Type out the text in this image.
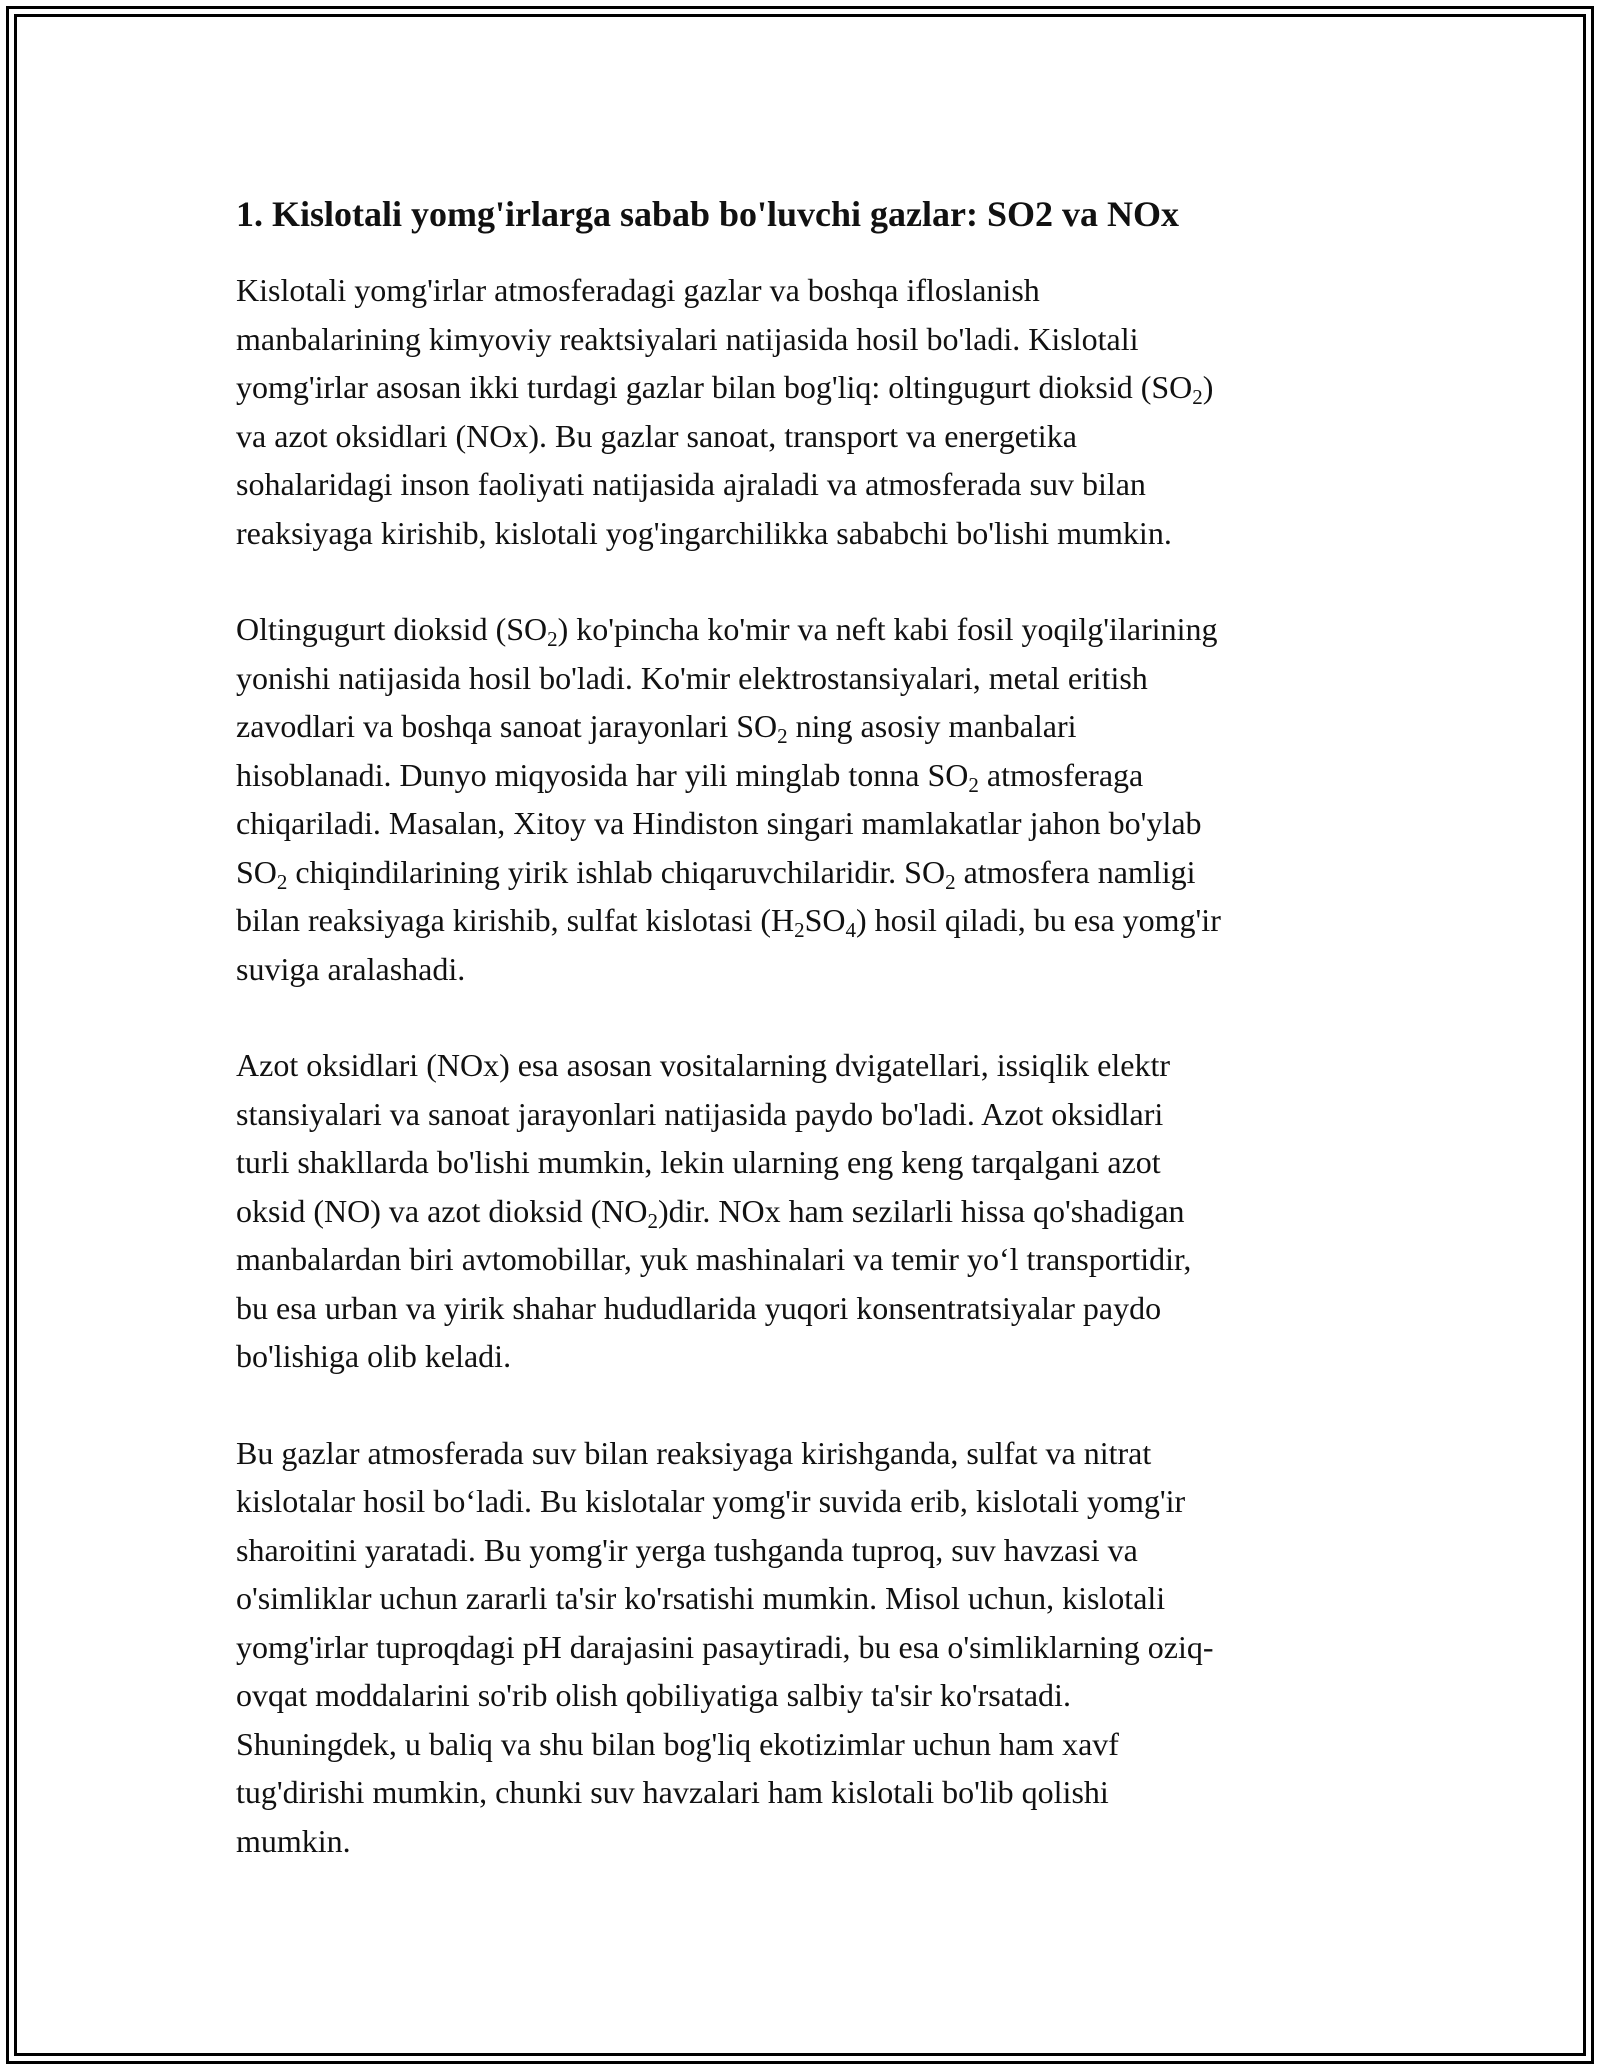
1. Kislotali yomg'irlarga sabab bo'luvchi gazlar: SO2 va NOx

Kislotali yomg'irlar atmosferadagi gazlar va boshqa ifloslanish
manbalarining kimyoviy reaktsiyalari natijasida hosil bo'ladi. Kislotali
yomg'irlar asosan ikki turdagi gazlar bilan bog'liq: oltingugurt dioksid $(SO_2)$
va azot oksidlari (NOx). Bu gazlar sanoat, transport va energetika
sohalaridagi inson faoliyati natijasida ajraladi va atmosferada suv bilan
reaksiyaga kirishib, kislotali yog'ingarchilikka sababchi bo'lishi mumkin.

Oltingugurt dioksid $(SO_2)$ ko'pincha ko'mir va neft kabi fosil yoqilg'ilarining
yonishi natijasida hosil bo'ladi. Ko'mir elektrostansiyalari, metal eritish
zavodlari va boshqa sanoat jarayonlari $SO_2$ ning asosiy manbalari
hisoblanadi. Dunyo miqyosida har yili minglab tonna $SO_2$ atmosferaga
chiqariladi. Masalan, Xitoy va Hindiston singari mamlakatlar jahon bo'ylab
$SO_2$ chiqindilarining yirik ishlab chiqaruvchilaridir. $SO_2$ atmosfera namligi
bilan reaksiyaga kirishib, sulfat kislotasi $(H_2SO_4)$ hosil qiladi, bu esa yomg'ir
suviga aralashadi.

Azot oksidlari (NOx) esa asosan vositalarning dvigatellari, issiqlik elektr
stansiyalari va sanoat jarayonlari natijasida paydo bo'ladi. Azot oksidlari
turli shakllarda bo'lishi mumkin, lekin ularning eng keng tarqalgani azot
oksid (NO) va azot dioksid $(NO_2)dir$. NOx ham sezilarli hissa qo'shadigan
manbalardan biri avtomobillar, yuk mashinalari va temir yo‘l transportidir,
bu esa urban va yirik shahar hududlarida yuqori konsentratsiyalar paydo
bo'lishiga olib keladi.

Bu gazlar atmosferada suv bilan reaksiyaga kirishganda, sulfat va nitrat
kislotalar hosil bo‘ladi. Bu kislotalar yomg'ir suvida erib, kislotali yomg'ir
sharoitini yaratadi. Bu yomg'ir yerga tushganda tuproq, suv havzasi va
o'simliklar uchun zararli ta'sir ko'rsatishi mumkin. Misol uchun, kislotali
yomg'irlar tuproqdagi pH darajasini pasaytiradi, bu esa o'simliklarning oziq-
ovqat moddalarini so'rib olish qobiliyatiga salbiy ta'sir ko'rsatadi.
Shuningdek, u baliq va shu bilan bog'liq ekotizimlar uchun ham xavf
tug'dirishi mumkin, chunki suv havzalari ham kislotali bo'lib qolishi
mumkin.
